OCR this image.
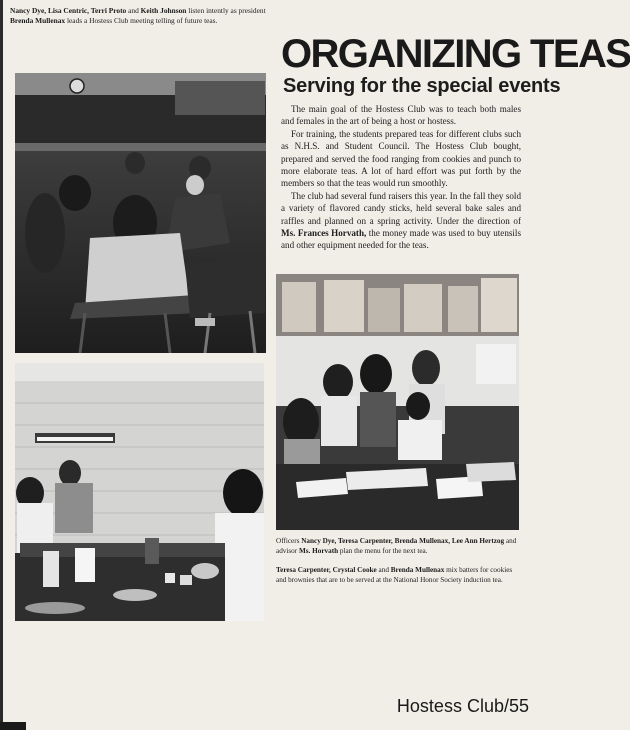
Nancy Dye, Lisa Centric, Terri Proto and Keith Johnson listen intently as president Brenda Mullenax leads a Hostess Club meeting telling of future teas.

ORGANIZING TEAS
Serving for the special events

The main goal of the Hostess Club was to teach both males and females in the art of being a host or hostess.

For training, the students prepared teas for different clubs such as N.H.S. and Student Council. The Hostess Club bought, prepared and served the food ranging from cookies and punch to more elaborate teas. A lot of hard effort was put forth by the members so that the teas would run smoothly.

The club had several fund raisers this year. In the fall they sold a variety of flavored candy sticks, held several bake sales and raffles and planned on a spring activity. Under the direction of Ms. Frances Horvath, the money made was used to buy utensils and other equipment needed for the teas.

Officers Nancy Dye, Teresa Carpenter, Brenda Mullenax, Lee Ann Hertzog and advisor Ms. Horvath plan the menu for the next tea.

Teresa Carpenter, Crystal Cooke and Brenda Mullenax mix batters for cookies and brownies that are to be served at the National Honor Society induction tea.

Hostess Club/55
